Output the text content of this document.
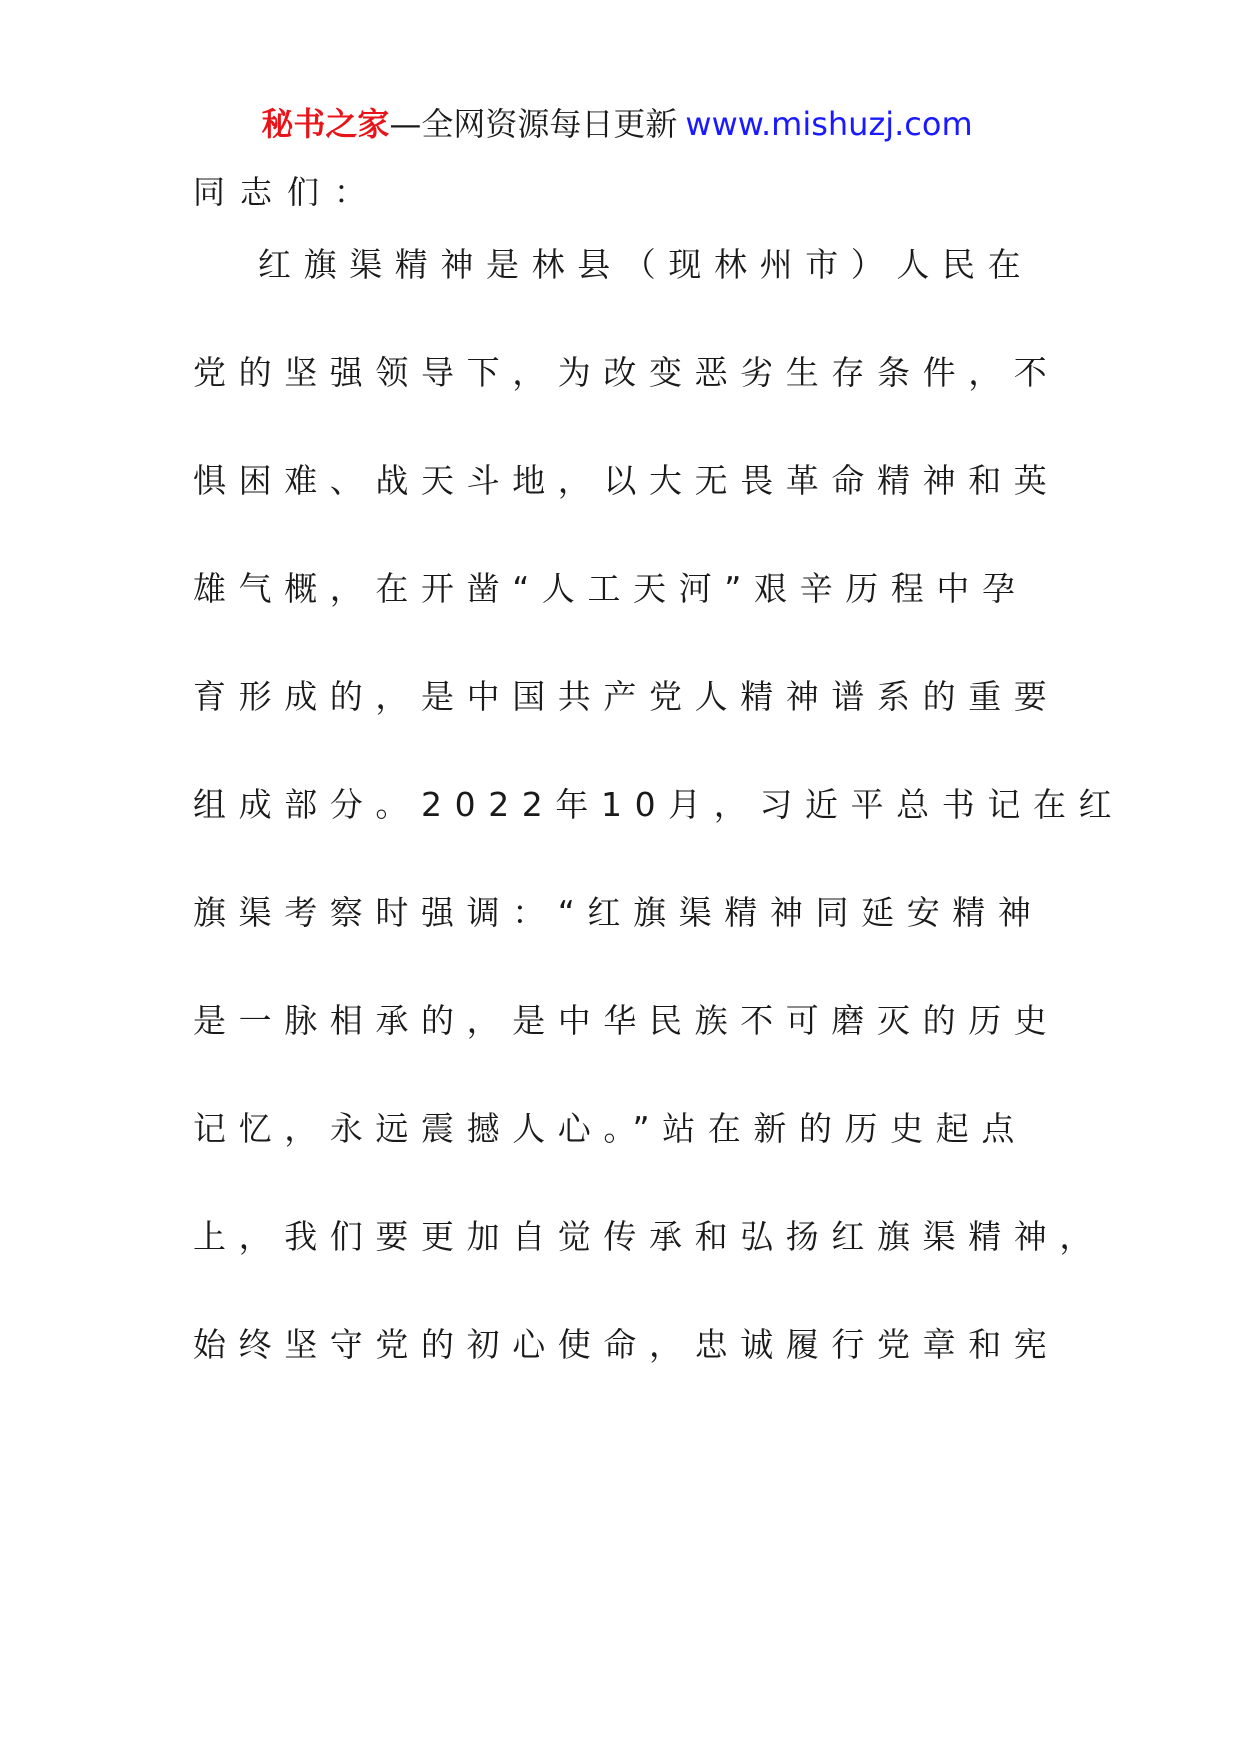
秘书之家—全网资源每日更新 www.mishuzj.com
同志们：
红旗渠精神是林县（现林州市）人民在
党的坚强领导下，为改变恶劣生存条件，不
惧困难、战天斗地，以大无畏革命精神和英
雄气概，在开凿“人工天河”艰辛历程中孕
育形成的，是中国共产党人精神谱系的重要
组成部分。2022年10月，习近平总书记在红
旗渠考察时强调：“红旗渠精神同延安精神
是一脉相承的，是中华民族不可磨灭的历史
记忆，永远震撼人心。”站在新的历史起点
上，我们要更加自觉传承和弘扬红旗渠精神，
始终坚守党的初心使命，忠诚履行党章和宪
